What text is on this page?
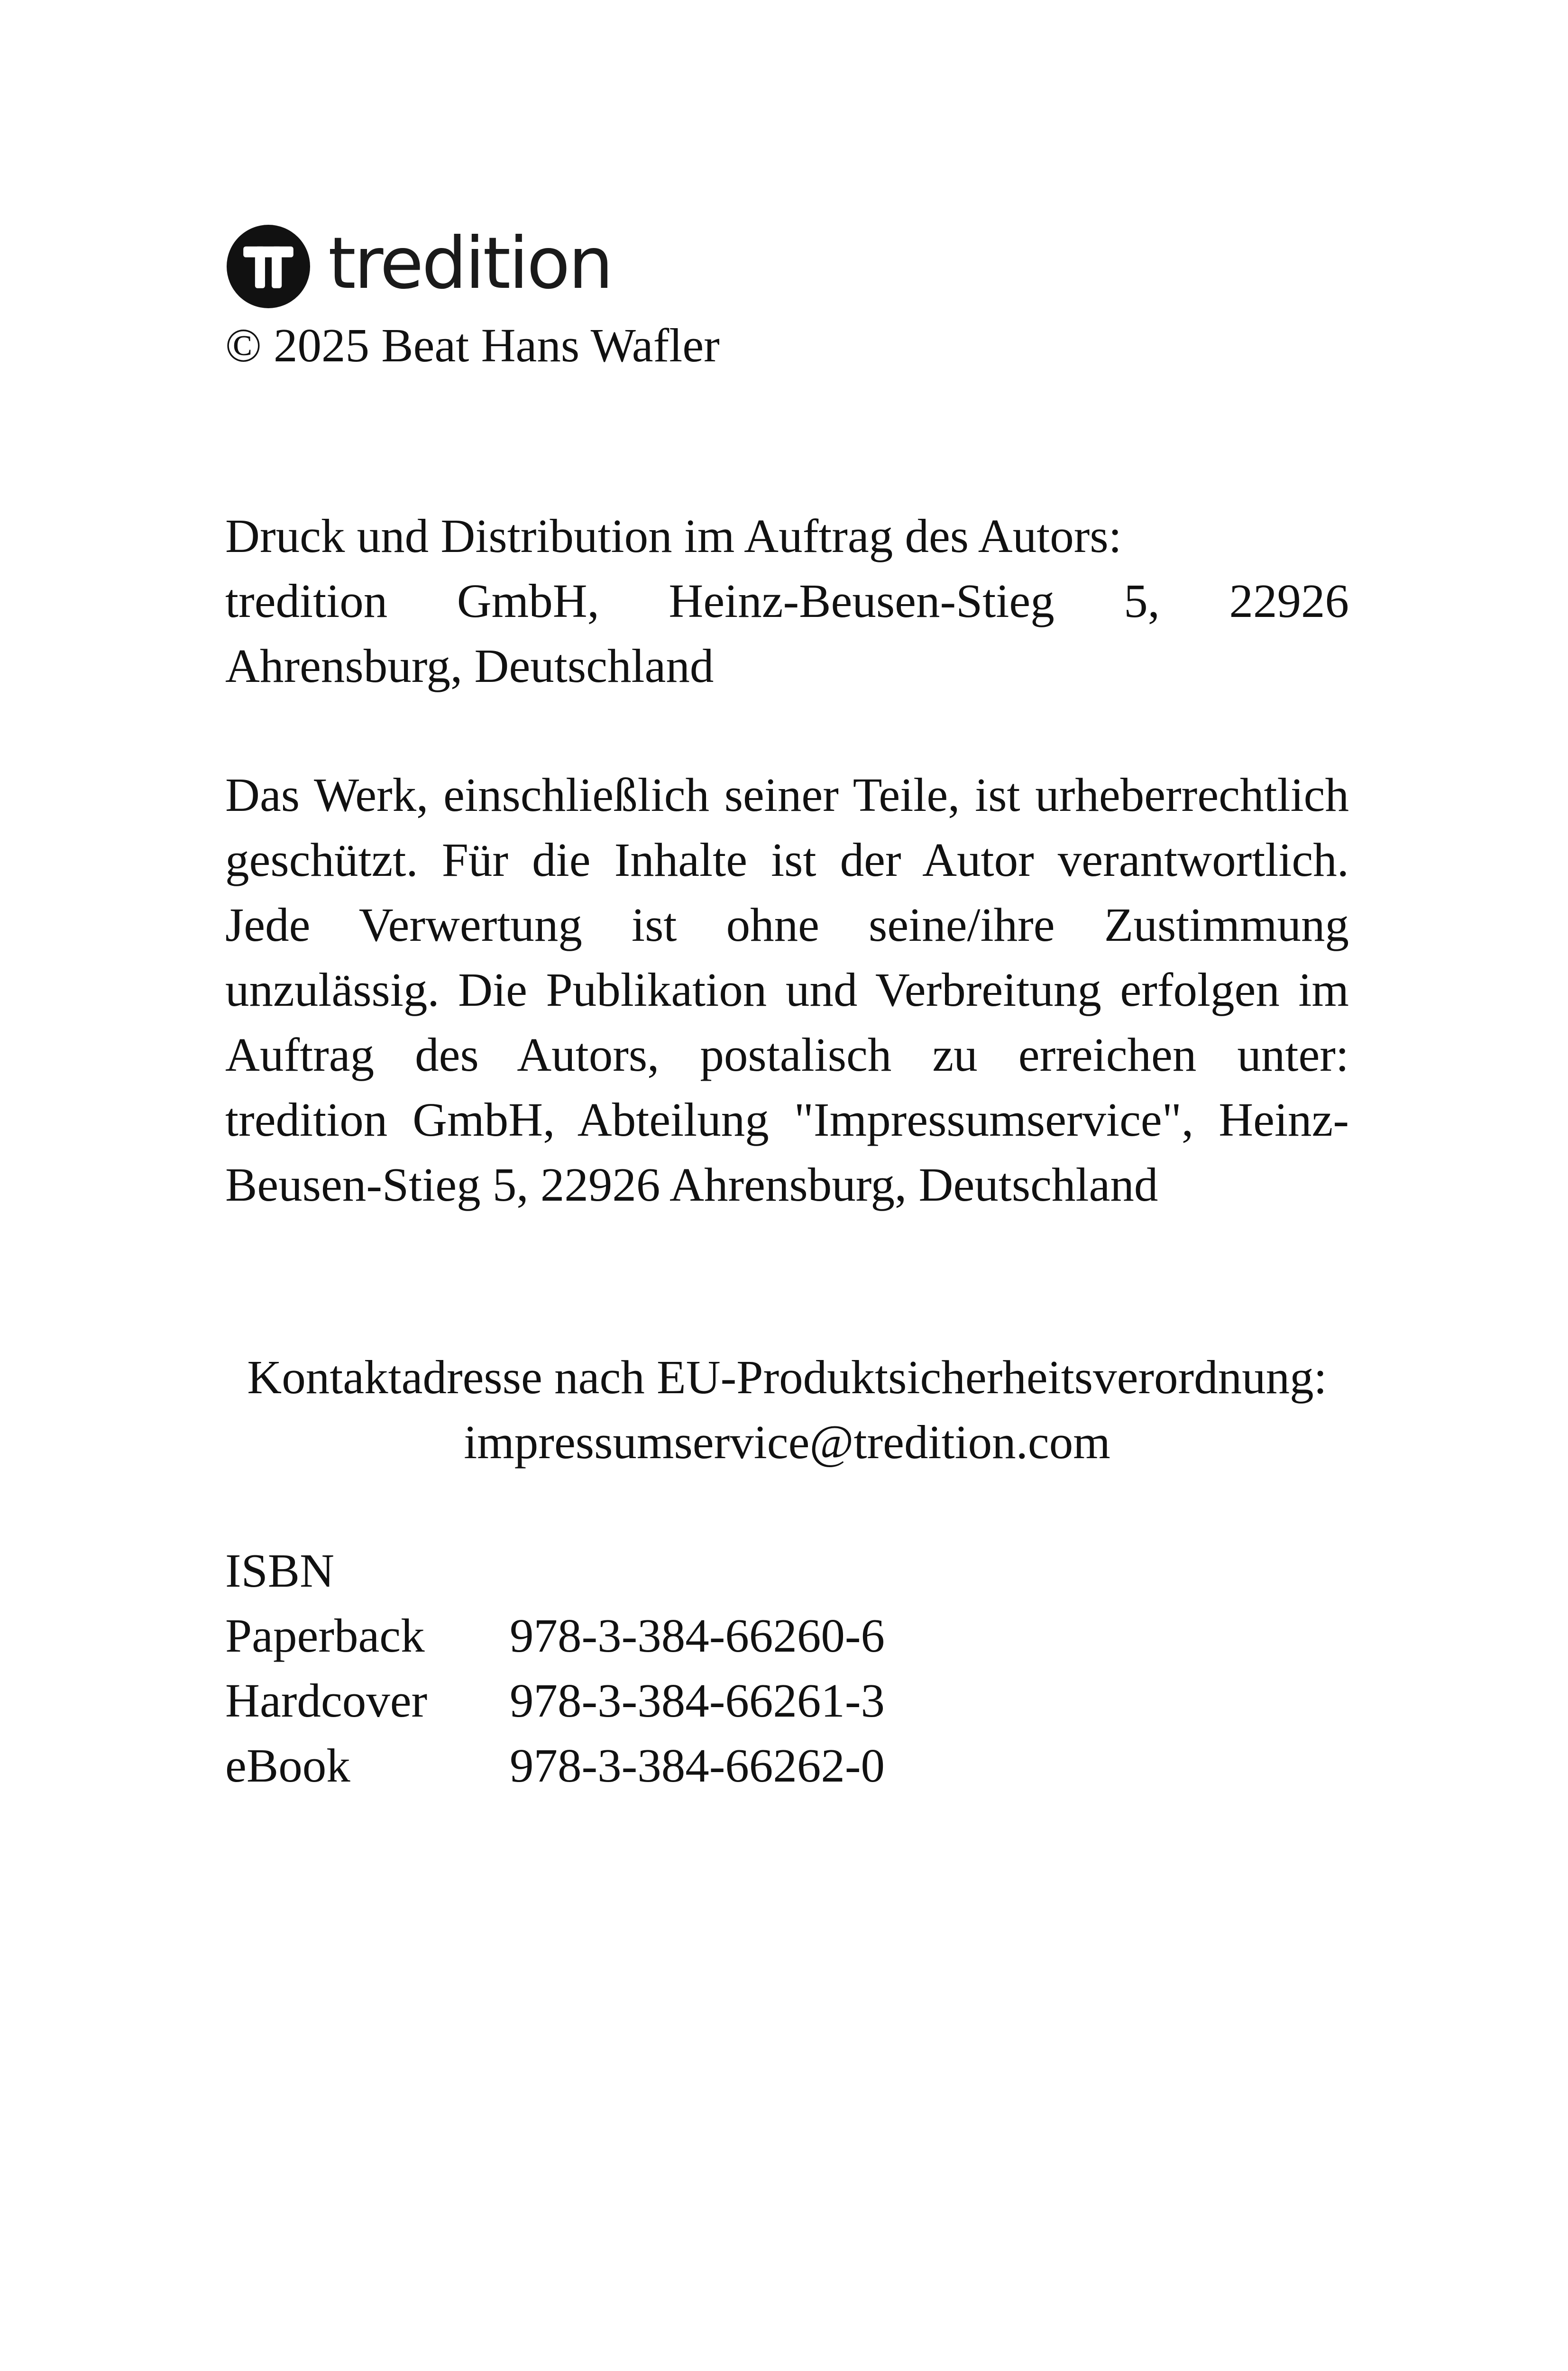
tredition

© 2025 Beat Hans Wafler

Druck und Distribution im Auftrag des Autors:
tredition GmbH, Heinz-Beusen-Stieg 5, 22926 Ahrensburg, Deutschland

Das Werk, einschließlich seiner Teile, ist urheberrechtlich geschützt. Für die Inhalte ist der Autor verantwortlich. Jede Verwertung ist ohne seine/ihre Zustimmung unzulässig. Die Publikation und Verbreitung erfolgen im Auftrag des Autors, postalisch zu erreichen unter: tredition GmbH, Abteilung "Impressumservice", Heinz-Beusen-Stieg 5, 22926 Ahrensburg, Deutschland

Kontaktadresse nach EU-Produktsicherheitsverordnung:
impressumservice@tredition.com
ISBN
Paperback	978-3-384-66260-6
Hardcover	978-3-384-66261-3
eBook	978-3-384-66262-0
